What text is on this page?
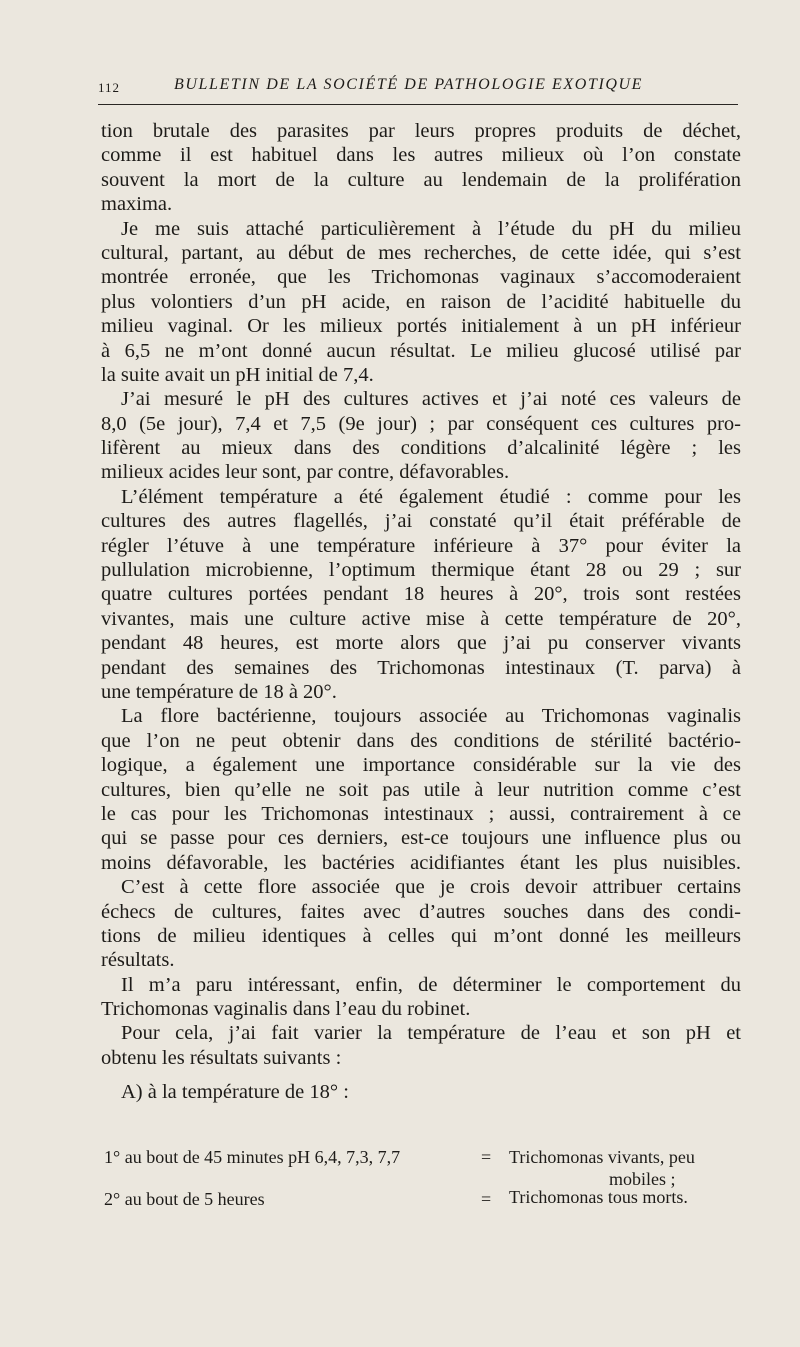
112	BULLETIN DE LA SOCIÉTÉ DE PATHOLOGIE EXOTIQUE
tion brutale des parasites par leurs propres produits de déchet,
comme il est habituel dans les autres milieux où l’on constate
souvent la mort de la culture au lendemain de la prolifération
maxima.
Je me suis attaché particulièrement à l’étude du pH du milieu
cultural, partant, au début de mes recherches, de cette idée, qui s’est
montrée erronée, que les Trichomonas vaginaux s’accomoderaient
plus volontiers d’un pH acide, en raison de l’acidité habituelle du
milieu vaginal. Or les milieux portés initialement à un pH inférieur
à 6,5 ne m’ont donné aucun résultat. Le milieu glucosé utilisé par
la suite avait un pH initial de 7,4.
J’ai mesuré le pH des cultures actives et j’ai noté ces valeurs de
8,0 (5e jour), 7,4 et 7,5 (9e jour) ; par conséquent ces cultures pro-
lifèrent au mieux dans des conditions d’alcalinité légère ; les
milieux acides leur sont, par contre, défavorables.
L’élément température a été également étudié : comme pour les
cultures des autres flagellés, j’ai constaté qu’il était préférable de
régler l’étuve à une température inférieure à 37° pour éviter la
pullulation microbienne, l’optimum thermique étant 28 ou 29 ; sur
quatre cultures portées pendant 18 heures à 20°, trois sont restées
vivantes, mais une culture active mise à cette température de 20°,
pendant 48 heures, est morte alors que j’ai pu conserver vivants
pendant des semaines des Trichomonas intestinaux (T. parva) à
une température de 18 à 20°.
La flore bactérienne, toujours associée au Trichomonas vaginalis
que l’on ne peut obtenir dans des conditions de stérilité bactério-
logique, a également une importance considérable sur la vie des
cultures, bien qu’elle ne soit pas utile à leur nutrition comme c’est
le cas pour les Trichomonas intestinaux ; aussi, contrairement à ce
qui se passe pour ces derniers, est-ce toujours une influence plus ou
moins défavorable, les bactéries acidifiantes étant les plus nuisibles.
C’est à cette flore associée que je crois devoir attribuer certains
échecs de cultures, faites avec d’autres souches dans des condi-
tions de milieu identiques à celles qui m’ont donné les meilleurs
résultats.
Il m’a paru intéressant, enfin, de déterminer le comportement du
Trichomonas vaginalis dans l’eau du robinet.
Pour cela, j’ai fait varier la température de l’eau et son pH et
obtenu les résultats suivants :
A) à la température de 18° :
1° au bout de 45 minutes pH 6,4, 7,3, 7,7	= Trichomonas vivants, peu
mobiles ;
2° au bout de 5 heures	= Trichomonas tous morts.
